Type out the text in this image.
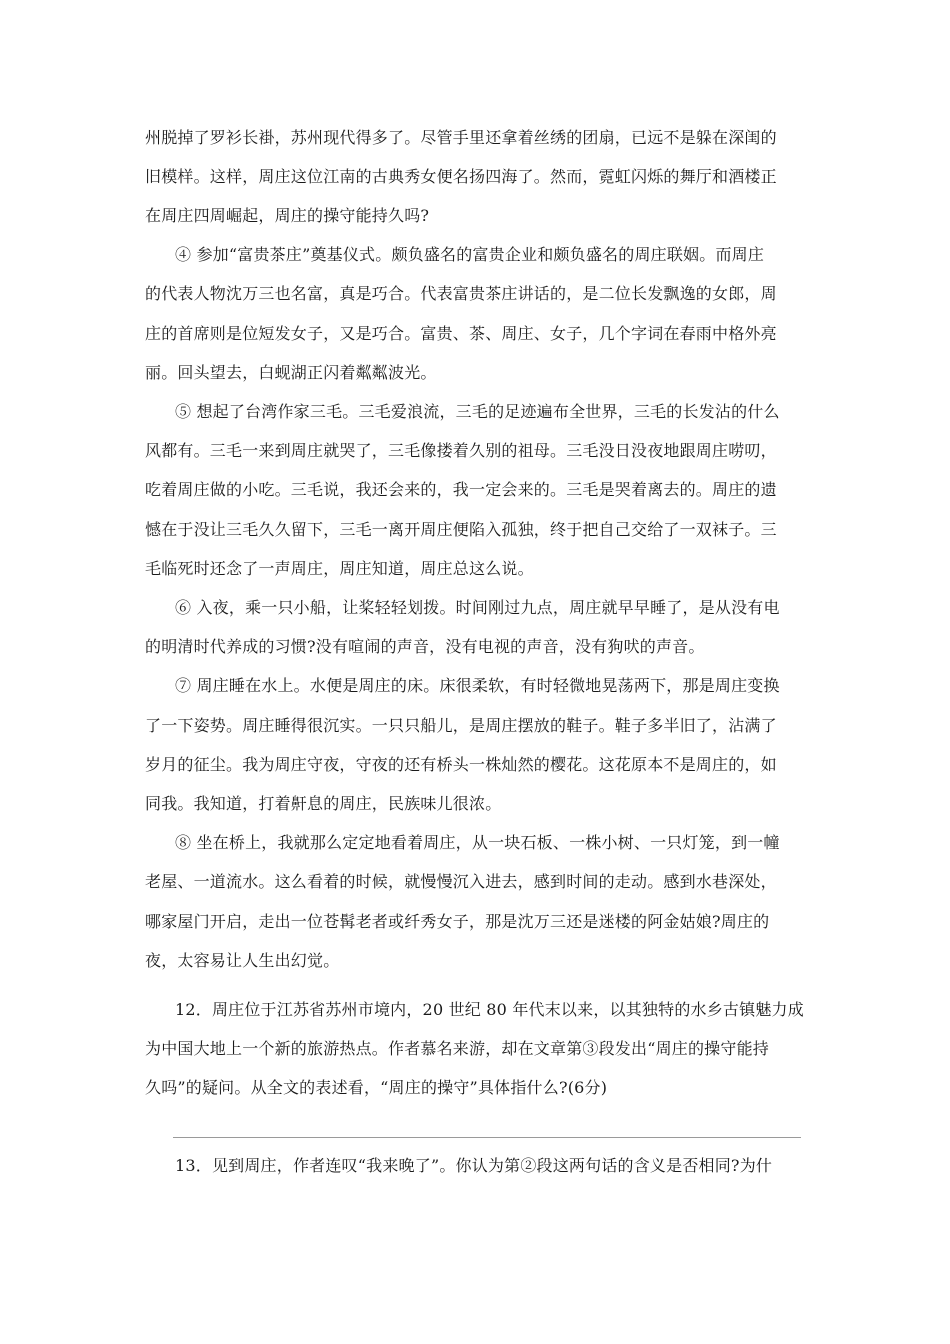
州脱掉了罗衫长褂，苏州现代得多了。尽管手里还拿着丝绣的团扇，已远不是躲在深闺的
旧模样。这样，周庄这位江南的古典秀女便名扬四海了。然而，霓虹闪烁的舞厅和酒楼正
在周庄四周崛起，周庄的操守能持久吗?
④ 参加“富贵茶庄”奠基仪式。颇负盛名的富贵企业和颇负盛名的周庄联姻。而周庄
的代表人物沈万三也名富，真是巧合。代表富贵茶庄讲话的，是二位长发飘逸的女郎，周
庄的首席则是位短发女子，又是巧合。富贵、茶、周庄、女子，几个字词在春雨中格外亮
丽。回头望去，白蚬湖正闪着粼粼波光。
⑤ 想起了台湾作家三毛。三毛爱浪流，三毛的足迹遍布全世界，三毛的长发沾的什么
风都有。三毛一来到周庄就哭了，三毛像搂着久别的祖母。三毛没日没夜地跟周庄唠叨，
吃着周庄做的小吃。三毛说，我还会来的，我一定会来的。三毛是哭着离去的。周庄的遗
憾在于没让三毛久久留下，三毛一离开周庄便陷入孤独，终于把自己交给了一双袜子。三
毛临死时还念了一声周庄，周庄知道，周庄总这么说。
⑥ 入夜，乘一只小船，让桨轻轻划拨。时间刚过九点，周庄就早早睡了，是从没有电
的明清时代养成的习惯?没有喧闹的声音，没有电视的声音，没有狗吠的声音。
⑦ 周庄睡在水上。水便是周庄的床。床很柔软，有时轻微地晃荡两下，那是周庄变换
了一下姿势。周庄睡得很沉实。一只只船儿，是周庄摆放的鞋子。鞋子多半旧了，沾满了
岁月的征尘。我为周庄守夜，守夜的还有桥头一株灿然的樱花。这花原本不是周庄的，如
同我。我知道，打着鼾息的周庄，民族味儿很浓。
⑧ 坐在桥上，我就那么定定地看着周庄，从一块石板、一株小树、一只灯笼，到一幢
老屋、一道流水。这么看着的时候，就慢慢沉入进去，感到时间的走动。感到水巷深处，
哪家屋门开启，走出一位苍髯老者或纤秀女子，那是沈万三还是迷楼的阿金姑娘?周庄的
夜，太容易让人生出幻觉。
12．周庄位于江苏省苏州市境内，20 世纪 80 年代末以来，以其独特的水乡古镇魅力成
为中国大地上一个新的旅游热点。作者慕名来游，却在文章第③段发出“周庄的操守能持
久吗”的疑问。从全文的表述看，“周庄的操守”具体指什么?(6分)
13．见到周庄，作者连叹“我来晚了”。你认为第②段这两句话的含义是否相同?为什
